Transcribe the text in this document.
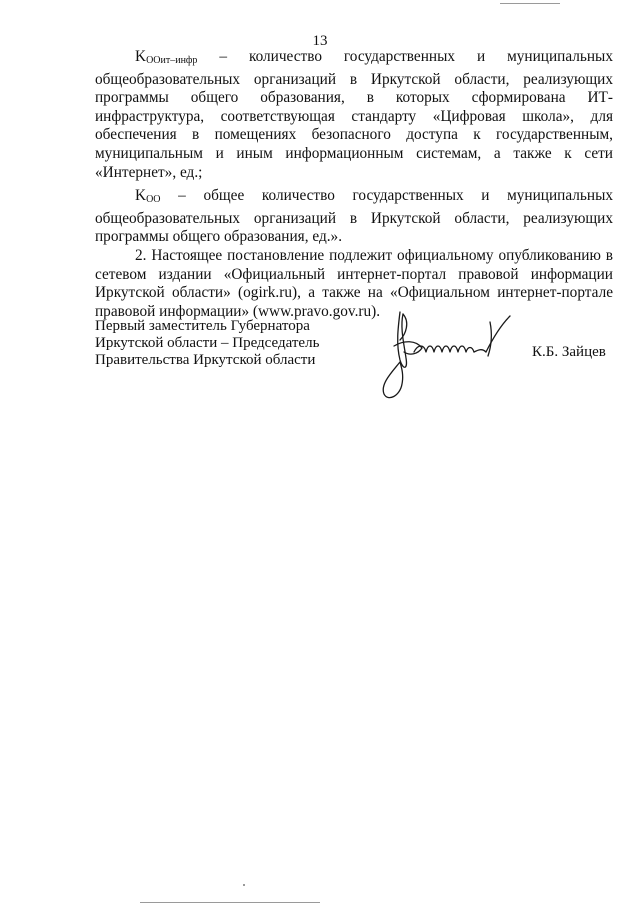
13

KООит–инфр – количество государственных и муниципальных общеобразовательных организаций в Иркутской области, реализующих программы общего образования, в которых сформирована ИТ-инфраструктура, соответствующая стандарту «Цифровая школа», для обеспечения в помещениях безопасного доступа к государственным, муниципальным и иным информационным системам, а также к сети «Интернет», ед.;

KОО – общее количество государственных и муниципальных общеобразовательных организаций в Иркутской области, реализующих программы общего образования, ед.».

2. Настоящее постановление подлежит официальному опубликованию в сетевом издании «Официальный интернет-портал правовой информации Иркутской области» (ogirk.ru), а также на «Официальном интернет-портале правовой информации» (www.pravo.gov.ru).

Первый заместитель Губернатора
Иркутской области – Председатель
Правительства Иркутской области	К.Б. Зайцев
